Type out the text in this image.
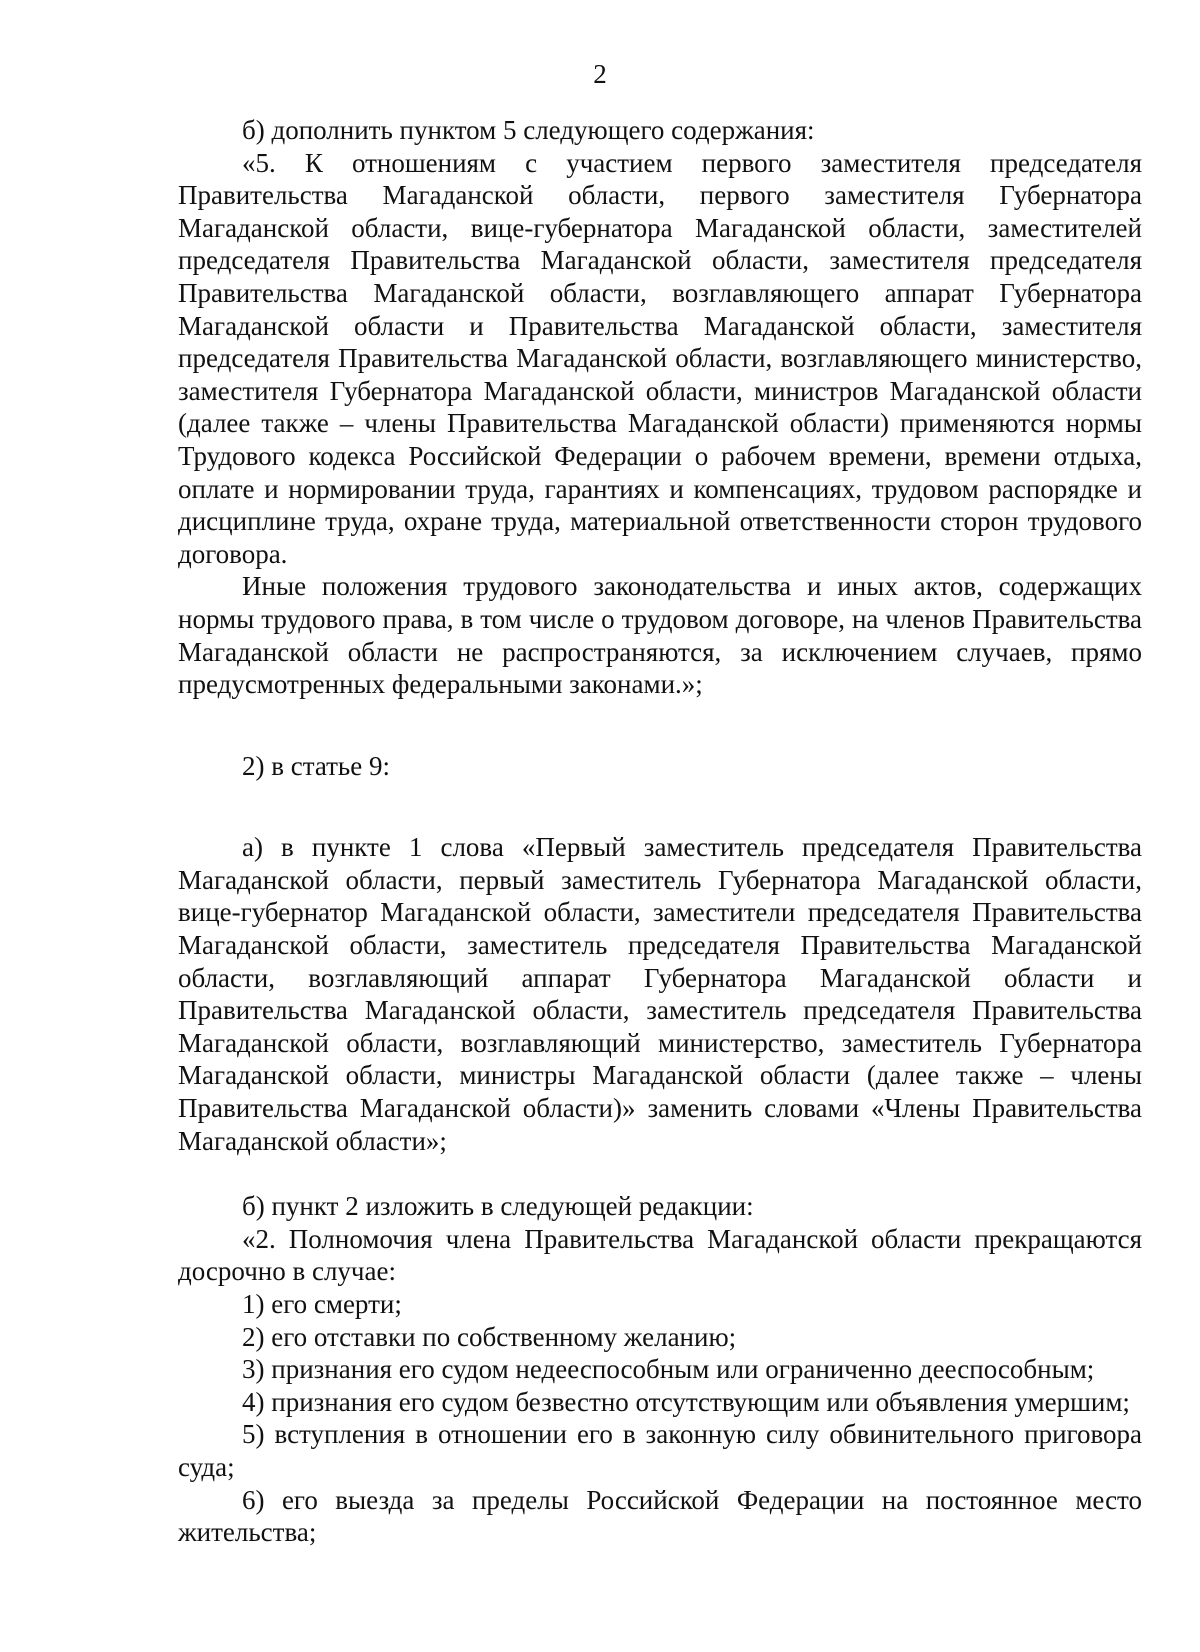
2

б) дополнить пунктом 5 следующего содержания:

«5. К отношениям с участием первого заместителя председателя Правительства Магаданской области, первого заместителя Губернатора Магаданской области, вице-губернатора Магаданской области, заместителей председателя Правительства Магаданской области, заместителя председателя Правительства Магаданской области, возглавляющего аппарат Губернатора Магаданской области и Правительства Магаданской области, заместителя председателя Правительства Магаданской области, возглавляющего министерство, заместителя Губернатора Магаданской области, министров Магаданской области (далее также – члены Правительства Магаданской области) применяются нормы Трудового кодекса Российской Федерации о рабочем времени, времени отдыха, оплате и нормировании труда, гарантиях и компенсациях, трудовом распорядке и дисциплине труда, охране труда, материальной ответственности сторон трудового договора.

Иные положения трудового законодательства и иных актов, содержащих нормы трудового права, в том числе о трудовом договоре, на членов Правительства Магаданской области не распространяются, за исключением случаев, прямо предусмотренных федеральными законами.»;

2) в статье 9:

а) в пункте 1 слова «Первый заместитель председателя Правительства Магаданской области, первый заместитель Губернатора Магаданской области, вице-губернатор Магаданской области, заместители председателя Правительства Магаданской области, заместитель председателя Правительства Магаданской области, возглавляющий аппарат Губернатора Магаданской области и Правительства Магаданской области, заместитель председателя Правительства Магаданской области, возглавляющий министерство, заместитель Губернатора Магаданской области, министры Магаданской области (далее также – члены Правительства Магаданской области)» заменить словами «Члены Правительства Магаданской области»;

б) пункт 2 изложить в следующей редакции:

«2. Полномочия члена Правительства Магаданской области прекращаются досрочно в случае:

1) его смерти;

2) его отставки по собственному желанию;

3) признания его судом недееспособным или ограниченно дееспособным;

4) признания его судом безвестно отсутствующим или объявления умершим;

5) вступления в отношении его в законную силу обвинительного приговора суда;

6) его выезда за пределы Российской Федерации на постоянное место жительства;
